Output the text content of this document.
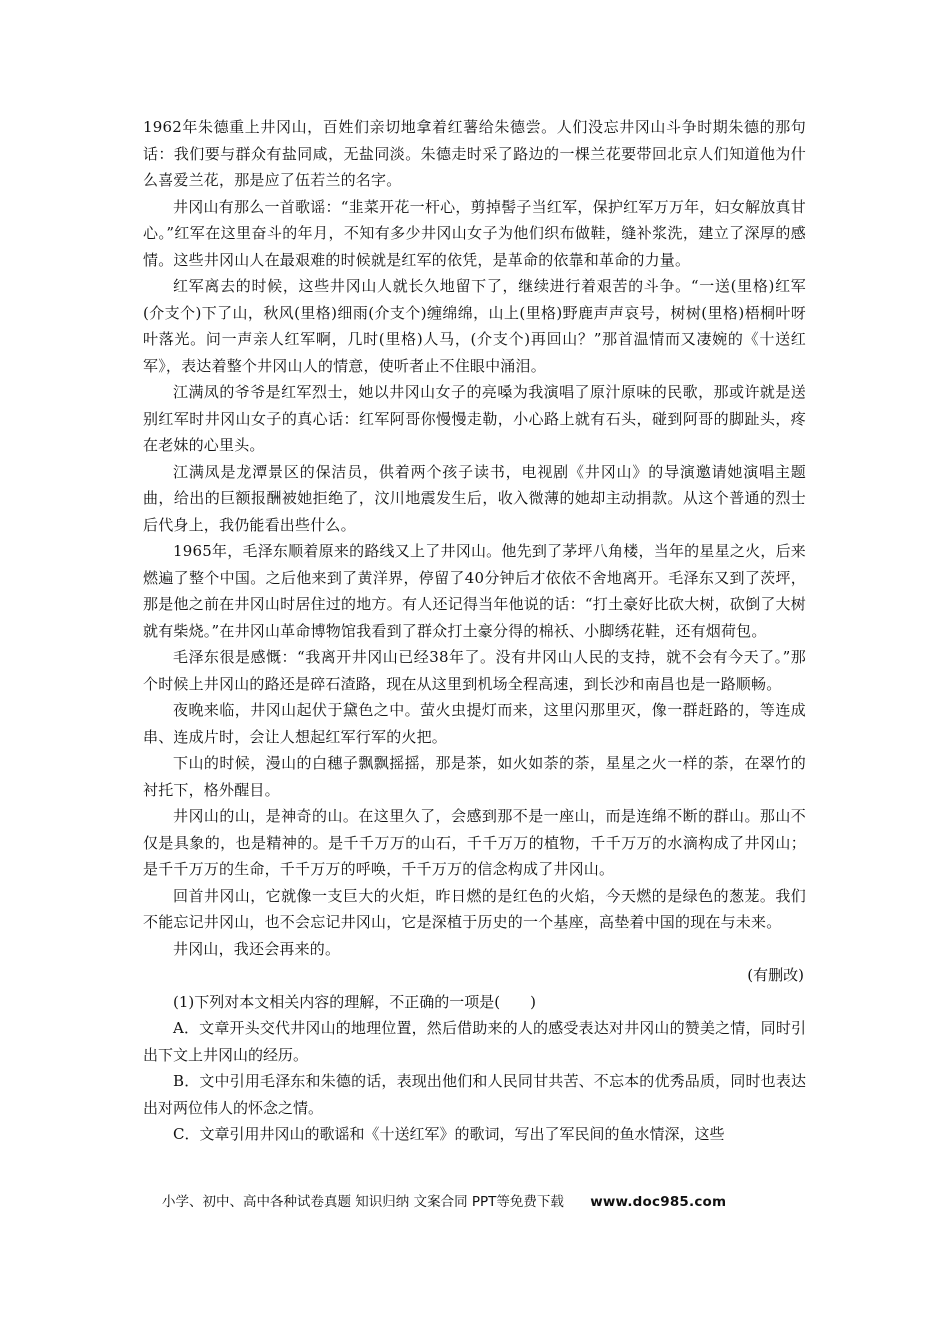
1962年朱德重上井冈山，百姓们亲切地拿着红薯给朱德尝。人们没忘井冈山斗争时期朱德的那句话：我们要与群众有盐同咸，无盐同淡。朱德走时采了路边的一棵兰花要带回北京人们知道他为什么喜爱兰花，那是应了伍若兰的名字。

井冈山有那么一首歌谣：“韭菜开花一杆心，剪掉髻子当红军，保护红军万万年，妇女解放真甘心。”红军在这里奋斗的年月，不知有多少井冈山女子为他们织布做鞋，缝补浆洗，建立了深厚的感情。这些井冈山人在最艰难的时候就是红军的依凭，是革命的依靠和革命的力量。

红军离去的时候，这些井冈山人就长久地留下了，继续进行着艰苦的斗争。“一送(里格)红军(介支个)下了山，秋风(里格)细雨(介支个)缠绵绵，山上(里格)野鹿声声哀号，树树(里格)梧桐叶呀叶落光。问一声亲人红军啊，几时(里格)人马，(介支个)再回山？”那首温情而又凄婉的《十送红军》，表达着整个井冈山人的情意，使听者止不住眼中涌泪。

江满凤的爷爷是红军烈士，她以井冈山女子的亮嗓为我演唱了原汁原味的民歌，那或许就是送别红军时井冈山女子的真心话：红军阿哥你慢慢走勒，小心路上就有石头，碰到阿哥的脚趾头，疼在老妹的心里头。

江满凤是龙潭景区的保洁员，供着两个孩子读书，电视剧《井冈山》的导演邀请她演唱主题曲，给出的巨额报酬被她拒绝了，汶川地震发生后，收入微薄的她却主动捐款。从这个普通的烈士后代身上，我仍能看出些什么。

1965年，毛泽东顺着原来的路线又上了井冈山。他先到了茅坪八角楼，当年的星星之火，后来燃遍了整个中国。之后他来到了黄洋界，停留了40分钟后才依依不舍地离开。毛泽东又到了茨坪，那是他之前在井冈山时居住过的地方。有人还记得当年他说的话：“打土豪好比砍大树，砍倒了大树就有柴烧。”在井冈山革命博物馆我看到了群众打土豪分得的棉袄、小脚绣花鞋，还有烟荷包。

毛泽东很是感慨：“我离开井冈山已经38年了。没有井冈山人民的支持，就不会有今天了。”那个时候上井冈山的路还是碎石渣路，现在从这里到机场全程高速，到长沙和南昌也是一路顺畅。

夜晚来临，井冈山起伏于黛色之中。萤火虫提灯而来，这里闪那里灭，像一群赶路的，等连成串、连成片时，会让人想起红军行军的火把。

下山的时候，漫山的白穗子飘飘摇摇，那是茶，如火如荼的荼，星星之火一样的荼，在翠竹的衬托下，格外醒目。

井冈山的山，是神奇的山。在这里久了，会感到那不是一座山，而是连绵不断的群山。那山不仅是具象的，也是精神的。是千千万万的山石，千千万万的植物，千千万万的水滴构成了井冈山；是千千万万的生命，千千万万的呼唤，千千万万的信念构成了井冈山。

回首井冈山，它就像一支巨大的火炬，昨日燃的是红色的火焰，今天燃的是绿色的葱茏。我们不能忘记井冈山，也不会忘记井冈山，它是深植于历史的一个基座，高垫着中国的现在与未来。

井冈山，我还会再来的。

(有删改)

(1)下列对本文相关内容的理解，不正确的一项是(　　)

A．文章开头交代井冈山的地理位置，然后借助来的人的感受表达对井冈山的赞美之情，同时引出下文上井冈山的经历。

B．文中引用毛泽东和朱德的话，表现出他们和人民同甘共苦、不忘本的优秀品质，同时也表达出对两位伟人的怀念之情。

C．文章引用井冈山的歌谣和《十送红军》的歌词，写出了军民间的鱼水情深，这些

小学、初中、高中各种试卷真题 知识归纳 文案合同 PPT等免费下载 www.doc985.com
